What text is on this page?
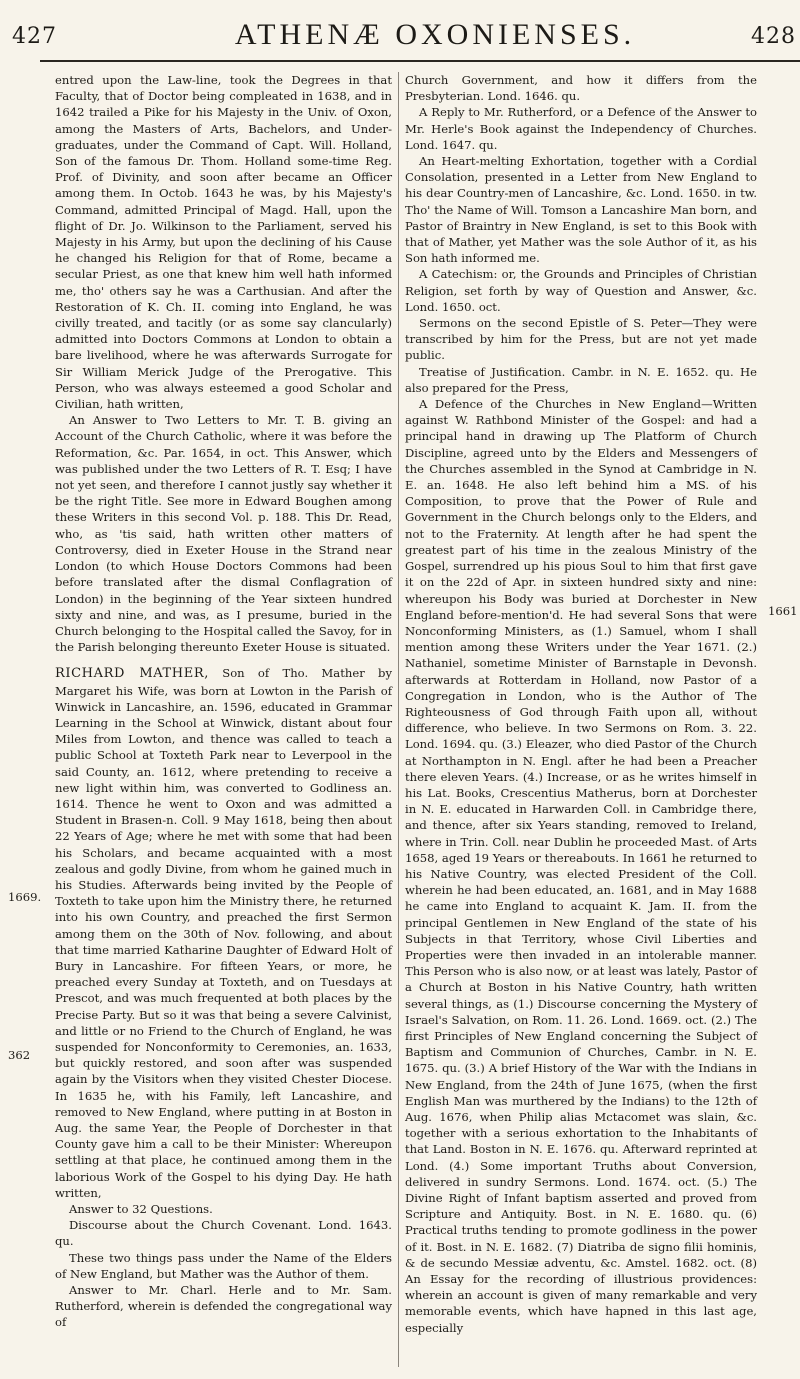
427	ATHENÆ OXONIENSES.	428
1669.
362
1661

entred upon the Law-line, took the Degrees in that Faculty, that of Doctor being compleated in 1638, and in 1642 trailed a Pike for his Majesty in the Univ. of Oxon, among the Masters of Arts, Bachelors, and Under-graduates, under the Command of Capt. Will. Holland, Son of the famous Dr. Thom. Holland some-time Reg. Prof. of Divinity, and soon after became an Officer among them. In Octob. 1643 he was, by his Majesty's Command, admitted Principal of Magd. Hall, upon the flight of Dr. Jo. Wilkinson to the Parliament, served his Majesty in his Army, but upon the declining of his Cause he changed his Religion for that of Rome, became a secular Priest, as one that knew him well hath informed me, tho' others say he was a Carthusian. And after the Restoration of K. Ch. II. coming into England, he was civilly treated, and tacitly (or as some say clancularly) admitted into Doctors Commons at London to obtain a bare livelihood, where he was afterwards Surrogate for Sir William Merick Judge of the Prerogative. This Person, who was always esteemed a good Scholar and Civilian, hath written,

An Answer to Two Letters to Mr. T. B. giving an Account of the Church Catholic, where it was before the Reformation, &c. Par. 1654, in oct. This Answer, which was published under the two Letters of R. T. Esq; I have not yet seen, and therefore I cannot justly say whether it be the right Title. See more in Edward Boughen among these Writers in this second Vol. p. 188. This Dr. Read, who, as 'tis said, hath written other matters of Controversy, died in Exeter House in the Strand near London (to which House Doctors Commons had been before translated after the dismal Conflagration of London) in the beginning of the Year sixteen hundred sixty and nine, and was, as I presume, buried in the Church belonging to the Hospital called the Savoy, for in the Parish belonging thereunto Exeter House is situated.

RICHARD MATHER, Son of Tho. Mather by Margaret his Wife, was born at Lowton in the Parish of Winwick in Lancashire, an. 1596, educated in Grammar Learning in the School at Winwick, distant about four Miles from Lowton, and thence was called to teach a public School at Toxteth Park near to Leverpool in the said County, an. 1612, where pretending to receive a new light within him, was converted to Godliness an. 1614. Thence he went to Oxon and was admitted a Student in Brasen-n. Coll. 9 May 1618, being then about 22 Years of Age; where he met with some that had been his Scholars, and became acquainted with a most zealous and godly Divine, from whom he gained much in his Studies. Afterwards being invited by the People of Toxteth to take upon him the Ministry there, he returned into his own Country, and preached the first Sermon among them on the 30th of Nov. following, and about that time married Katharine Daughter of Edward Holt of Bury in Lancashire. For fifteen Years, or more, he preached every Sunday at Toxteth, and on Tuesdays at Prescot, and was much frequented at both places by the Precise Party. But so it was that being a severe Calvinist, and little or no Friend to the Church of England, he was suspended for Nonconformity to Ceremonies, an. 1633, but quickly restored, and soon after was suspended again by the Visitors when they visited Chester Diocese. In 1635 he, with his Family, left Lancashire, and removed to New England, where putting in at Boston in Aug. the same Year, the People of Dorchester in that County gave him a call to be their Minister: Whereupon settling at that place, he continued among them in the laborious Work of the Gospel to his dying Day. He hath written,

Answer to 32 Questions.

Discourse about the Church Covenant. Lond. 1643. qu.

These two things pass under the Name of the Elders of New England, but Mather was the Author of them.

Answer to Mr. Charl. Herle and to Mr. Sam. Rutherford, wherein is defended the congregational way of

Church Government, and how it differs from the Presbyterian. Lond. 1646. qu.

A Reply to Mr. Rutherford, or a Defence of the Answer to Mr. Herle's Book against the Independency of Churches. Lond. 1647. qu.

An Heart-melting Exhortation, together with a Cordial Consolation, presented in a Letter from New England to his dear Country-men of Lancashire, &c. Lond. 1650. in tw. Tho' the Name of Will. Tomson a Lancashire Man born, and Pastor of Braintry in New England, is set to this Book with that of Mather, yet Mather was the sole Author of it, as his Son hath informed me.

A Catechism: or, the Grounds and Principles of Christian Religion, set forth by way of Question and Answer, &c. Lond. 1650. oct.

Sermons on the second Epistle of S. Peter—They were transcribed by him for the Press, but are not yet made public.

Treatise of Justification. Cambr. in N. E. 1652. qu. He also prepared for the Press,

A Defence of the Churches in New England—Written against W. Rathbond Minister of the Gospel: and had a principal hand in drawing up The Platform of Church Discipline, agreed unto by the Elders and Messengers of the Churches assembled in the Synod at Cambridge in N. E. an. 1648. He also left behind him a MS. of his Composition, to prove that the Power of Rule and Government in the Church belongs only to the Elders, and not to the Fraternity. At length after he had spent the greatest part of his time in the zealous Ministry of the Gospel, surrendred up his pious Soul to him that first gave it on the 22d of Apr. in sixteen hundred sixty and nine: whereupon his Body was buried at Dorchester in New England before-mention'd. He had several Sons that were Nonconforming Ministers, as (1.) Samuel, whom I shall mention among these Writers under the Year 1671. (2.) Nathaniel, sometime Minister of Barnstaple in Devonsh. afterwards at Rotterdam in Holland, now Pastor of a Congregation in London, who is the Author of The Righteousness of God through Faith upon all, without difference, who believe. In two Sermons on Rom. 3. 22. Lond. 1694. qu. (3.) Eleazer, who died Pastor of the Church at Northampton in N. Engl. after he had been a Preacher there eleven Years. (4.) Increase, or as he writes himself in his Lat. Books, Crescentius Matherus, born at Dorchester in N. E. educated in Harwarden Coll. in Cambridge there, and thence, after six Years standing, removed to Ireland, where in Trin. Coll. near Dublin he proceeded Mast. of Arts 1658, aged 19 Years or thereabouts. In 1661 he returned to his Native Country, was elected President of the Coll. wherein he had been educated, an. 1681, and in May 1688 he came into England to acquaint K. Jam. II. from the principal Gentlemen in New England of the state of his Subjects in that Territory, whose Civil Liberties and Properties were then invaded in an intolerable manner. This Person who is also now, or at least was lately, Pastor of a Church at Boston in his Native Country, hath written several things, as (1.) Discourse concerning the Mystery of Israel's Salvation, on Rom. 11. 26. Lond. 1669. oct. (2.) The first Principles of New England concerning the Subject of Baptism and Communion of Churches, Cambr. in N. E. 1675. qu. (3.) A brief History of the War with the Indians in New England, from the 24th of June 1675, (when the first English Man was murthered by the Indians) to the 12th of Aug. 1676, when Philip alias Mctacomet was slain, &c. together with a serious exhortation to the Inhabitants of that Land. Boston in N. E. 1676. qu. Afterward reprinted at Lond. (4.) Some important Truths about Conversion, delivered in sundry Sermons. Lond. 1674. oct. (5.) The Divine Right of Infant baptism asserted and proved from Scripture and Antiquity. Bost. in N. E. 1680. qu. (6) Practical truths tending to promote godliness in the power of it. Bost. in N. E. 1682. (7) Diatriba de signo filii hominis, & de secundo Messiæ adventu, &c. Amstel. 1682. oct. (8) An Essay for the recording of illustrious providences: wherein an account is given of many remarkable and very memorable events, which have hapned in this last age, especially
